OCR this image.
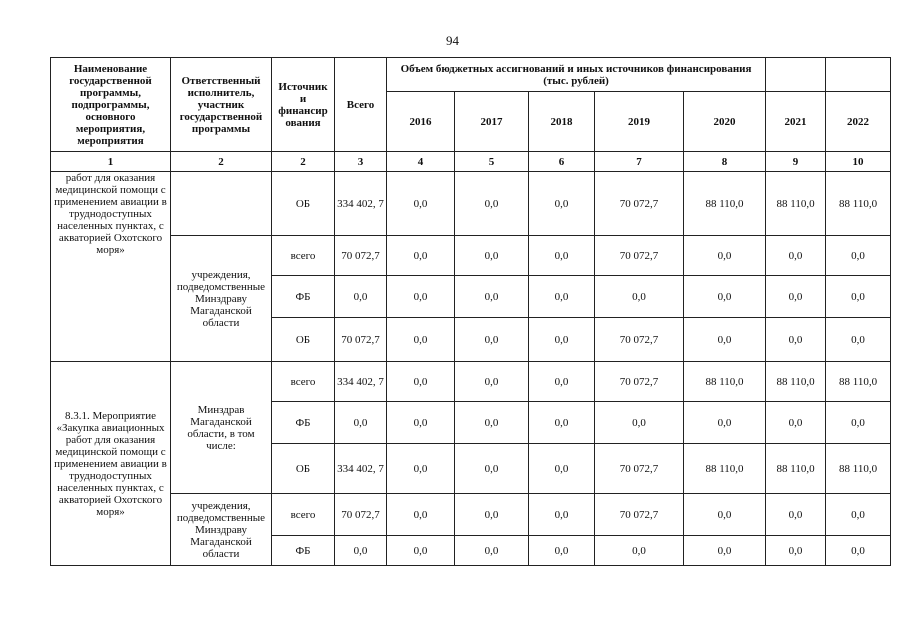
94
Наименование государственной программы, подпрограммы, основного мероприятия, мероприятия	Ответственный исполнитель, участник государственной программы	Источник и финансир ования	Всего	Объем бюджетных ассигнований и иных источников финансирования (тыс. рублей)						
				2016	2017	2018	2019	2020	2021	2022
1	2	2	3	4	5	6	7	8	9	10
работ для оказания медицинской помощи с применением авиации в труднодоступных населенных пунктах, с акваторией Охотского моря»		ОБ	334 402, 7	0,0	0,0	0,0	70 072,7	88 110,0	88 110,0	88 110,0
	учреждения, подведомственные Минздраву Магаданской области	всего	70 072,7	0,0	0,0	0,0	70 072,7	0,0	0,0	0,0
		ФБ	0,0	0,0	0,0	0,0	0,0	0,0	0,0	0,0
		ОБ	70 072,7	0,0	0,0	0,0	70 072,7	0,0	0,0	0,0
8.3.1. Мероприятие «Закупка авиационных работ для оказания медицинской помощи с применением авиации в труднодоступных населенных пунктах, с акваторией Охотского моря»	Минздрав Магаданской области, в том числе:	всего	334 402, 7	0,0	0,0	0,0	70 072,7	88 110,0	88 110,0	88 110,0
		ФБ	0,0	0,0	0,0	0,0	0,0	0,0	0,0	0,0
		ОБ	334 402, 7	0,0	0,0	0,0	70 072,7	88 110,0	88 110,0	88 110,0
	учреждения, подведомственные Минздраву Магаданской области	всего	70 072,7	0,0	0,0	0,0	70 072,7	0,0	0,0	0,0
		ФБ	0,0	0,0	0,0	0,0	0,0	0,0	0,0	0,0
